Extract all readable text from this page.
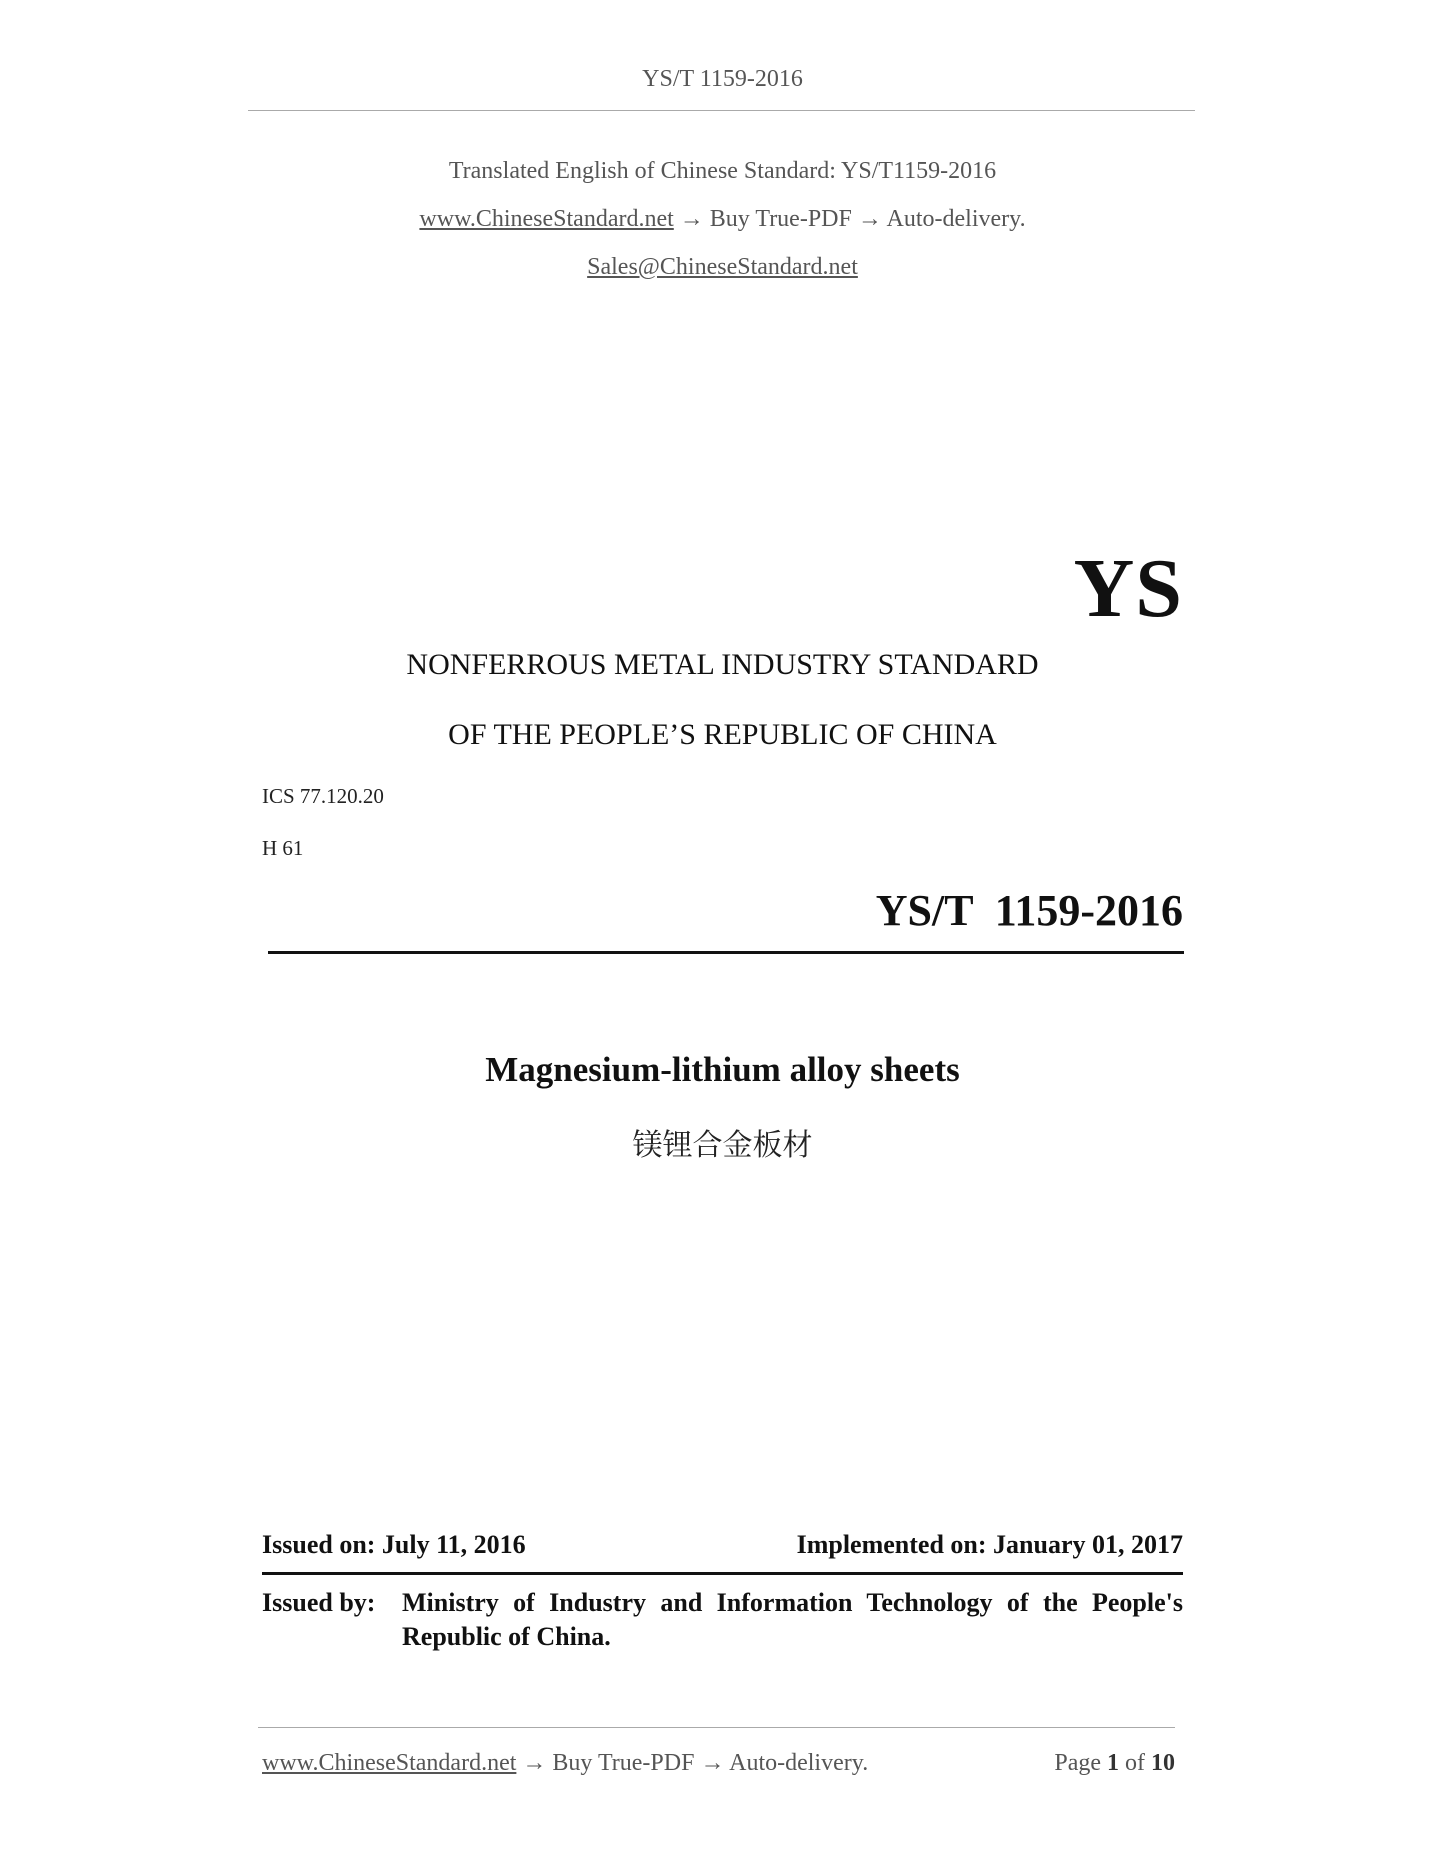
YS/T 1159-2016
Translated English of Chinese Standard: YS/T1159-2016
www.ChineseStandard.net → Buy True-PDF → Auto-delivery.
Sales@ChineseStandard.net
YS
NONFERROUS METAL INDUSTRY STANDARD
OF THE PEOPLE’S REPUBLIC OF CHINA
ICS 77.120.20
H 61
YS/T  1159-2016
Magnesium-lithium alloy sheets
镁锂合金板材
Issued on: July 11, 2016	Implemented on: January 01, 2017
Issued by:	Ministry of Industry and Information Technology of the People's Republic of China.
www.ChineseStandard.net → Buy True-PDF → Auto-delivery.	Page 1 of 10
